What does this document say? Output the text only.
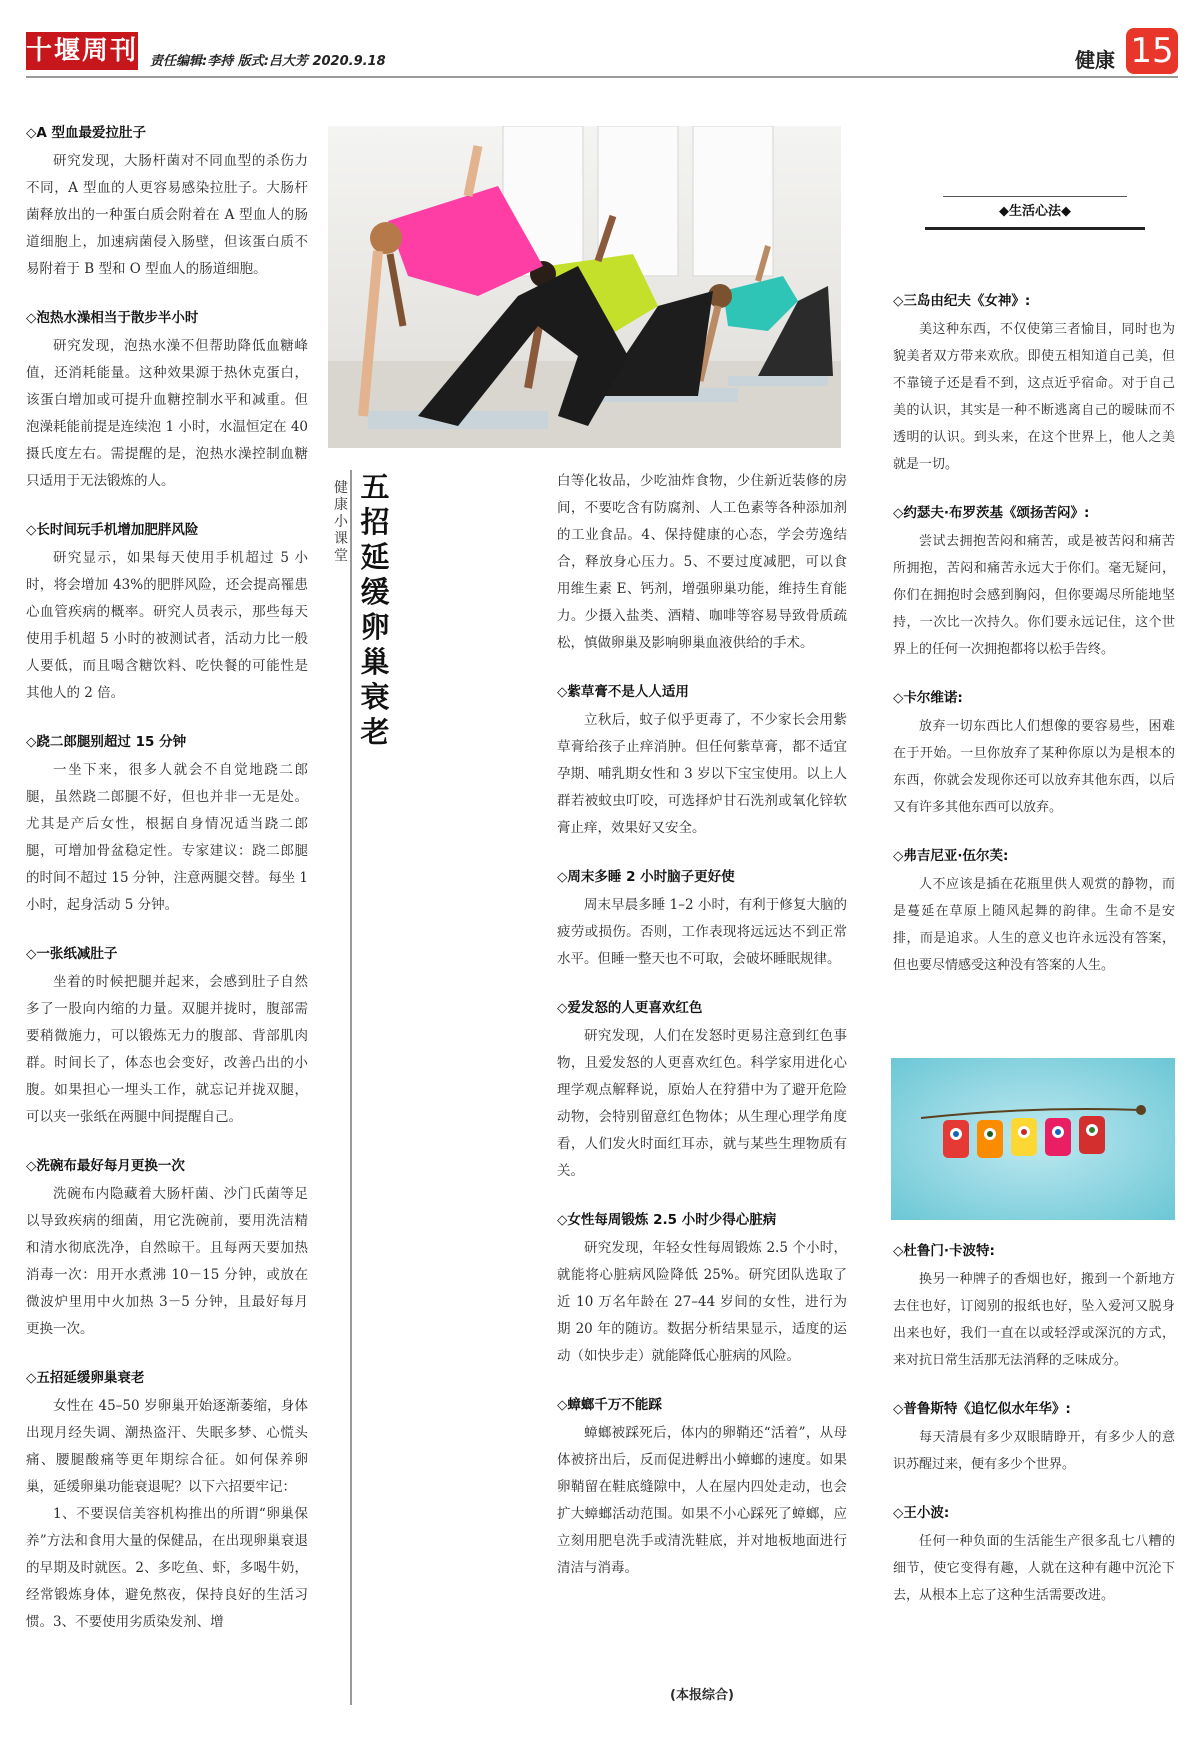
十堰周刊 责任编辑:李持 版式:吕大芳 2020.9.18	健康 15
◇A 型血最爱拉肚子

研究发现，大肠杆菌对不同血型的杀伤力不同，A 型血的人更容易感染拉肚子。大肠杆菌释放出的一种蛋白质会附着在 A 型血人的肠道细胞上，加速病菌侵入肠壁，但该蛋白质不易附着于 B 型和 O 型血人的肠道细胞。

◇泡热水澡相当于散步半小时

研究发现，泡热水澡不但帮助降低血糖峰值，还消耗能量。这种效果源于热休克蛋白，该蛋白增加或可提升血糖控制水平和减重。但泡澡耗能前提是连续泡 1 小时，水温恒定在 40 摄氏度左右。需提醒的是，泡热水澡控制血糖只适用于无法锻炼的人。

◇长时间玩手机增加肥胖风险

研究显示，如果每天使用手机超过 5 小时，将会增加 43%的肥胖风险，还会提高罹患心血管疾病的概率。研究人员表示，那些每天使用手机超 5 小时的被测试者，活动力比一般人要低，而且喝含糖饮料、吃快餐的可能性是其他人的 2 倍。

◇跷二郎腿别超过 15 分钟

一坐下来，很多人就会不自觉地跷二郎腿，虽然跷二郎腿不好，但也并非一无是处。尤其是产后女性，根据自身情况适当跷二郎腿，可增加骨盆稳定性。专家建议：跷二郎腿的时间不超过 15 分钟，注意两腿交替。每坐 1 小时，起身活动 5 分钟。

◇一张纸减肚子

坐着的时候把腿并起来，会感到肚子自然多了一股向内缩的力量。双腿并拢时，腹部需要稍微施力，可以锻炼无力的腹部、背部肌肉群。时间长了，体态也会变好，改善凸出的小腹。如果担心一埋头工作，就忘记并拢双腿，可以夹一张纸在两腿中间提醒自己。

◇洗碗布最好每月更换一次

洗碗布内隐藏着大肠杆菌、沙门氏菌等足以导致疾病的细菌，用它洗碗前，要用洗洁精和清水彻底洗净，自然晾干。且每两天要加热消毒一次：用开水煮沸 10－15 分钟，或放在微波炉里用中火加热 3－5 分钟，且最好每月更换一次。

◇五招延缓卵巢衰老

女性在 45–50 岁卵巢开始逐渐萎缩，身体出现月经失调、潮热盗汗、失眠多梦、心慌头痛、腰腿酸痛等更年期综合征。如何保养卵巢，延缓卵巢功能衰退呢？以下六招要牢记：

1、不要误信美容机构推出的所谓“卵巢保养”方法和食用大量的保健品，在出现卵巢衰退的早期及时就医。2、多吃鱼、虾，多喝牛奶，经常锻炼身体，避免熬夜，保持良好的生活习惯。3、不要使用劣质染发剂、增

健康小课堂
五招延缓卵巢衰老

白等化妆品，少吃油炸食物，少住新近装修的房间，不要吃含有防腐剂、人工色素等各种添加剂的工业食品。4、保持健康的心态，学会劳逸结合，释放身心压力。5、不要过度减肥，可以食用维生素 E、钙剂，增强卵巢功能，维持生育能力。少摄入盐类、酒精、咖啡等容易导致骨质疏松，慎做卵巢及影响卵巢血液供给的手术。

◇紫草膏不是人人适用

立秋后，蚊子似乎更毒了，不少家长会用紫草膏给孩子止痒消肿。但任何紫草膏，都不适宜孕期、哺乳期女性和 3 岁以下宝宝使用。以上人群若被蚊虫叮咬，可选择炉甘石洗剂或氧化锌软膏止痒，效果好又安全。

◇周末多睡 2 小时脑子更好使

周末早晨多睡 1–2 小时，有利于修复大脑的疲劳或损伤。否则，工作表现将远远达不到正常水平。但睡一整天也不可取，会破坏睡眠规律。

◇爱发怒的人更喜欢红色

研究发现，人们在发怒时更易注意到红色事物，且爱发怒的人更喜欢红色。科学家用进化心理学观点解释说，原始人在狩猎中为了避开危险动物，会特别留意红色物体；从生理心理学角度看，人们发火时面红耳赤，就与某些生理物质有关。

◇女性每周锻炼 2.5 小时少得心脏病

研究发现，年轻女性每周锻炼 2.5 个小时，就能将心脏病风险降低 25%。研究团队选取了近 10 万名年龄在 27–44 岁间的女性，进行为期 20 年的随访。数据分析结果显示，适度的运动（如快步走）就能降低心脏病的风险。

◇蟑螂千万不能踩

蟑螂被踩死后，体内的卵鞘还“活着”，从母体被挤出后，反而促进孵出小蟑螂的速度。如果卵鞘留在鞋底缝隙中，人在屋内四处走动，也会扩大蟑螂活动范围。如果不小心踩死了蟑螂，应立刻用肥皂洗手或清洗鞋底，并对地板地面进行清洁与消毒。

(本报综合)
◆生活心法◆
◇三岛由纪夫《女神》:

美这种东西，不仅使第三者愉目，同时也为貌美者双方带来欢欣。即使五相知道自己美，但不靠镜子还是看不到，这点近乎宿命。对于自己美的认识，其实是一种不断逃离自己的暧昧而不透明的认识。到头来，在这个世界上，他人之美就是一切。

◇约瑟夫·布罗茨基《颂扬苦闷》:

尝试去拥抱苦闷和痛苦，或是被苦闷和痛苦所拥抱，苦闷和痛苦永远大于你们。毫无疑问，你们在拥抱时会感到胸闷，但你要竭尽所能地坚持，一次比一次持久。你们要永远记住，这个世界上的任何一次拥抱都将以松手告终。

◇卡尔维诺:

放弃一切东西比人们想像的要容易些，困难在于开始。一旦你放弃了某种你原以为是根本的东西，你就会发现你还可以放弃其他东西，以后又有许多其他东西可以放弃。

◇弗吉尼亚·伍尔芙:

人不应该是插在花瓶里供人观赏的静物，而是蔓延在草原上随风起舞的韵律。生命不是安排，而是追求。人生的意义也许永远没有答案，但也要尽情感受这种没有答案的人生。

◇杜鲁门·卡波特:

换另一种牌子的香烟也好，搬到一个新地方去住也好，订阅别的报纸也好，坠入爱河又脱身出来也好，我们一直在以或轻浮或深沉的方式，来对抗日常生活那无法消释的乏味成分。

◇普鲁斯特《追忆似水年华》:

每天清晨有多少双眼睛睁开，有多少人的意识苏醒过来，便有多少个世界。

◇王小波:

任何一种负面的生活能生产很多乱七八糟的细节，使它变得有趣，人就在这种有趣中沉沦下去，从根本上忘了这种生活需要改进。
